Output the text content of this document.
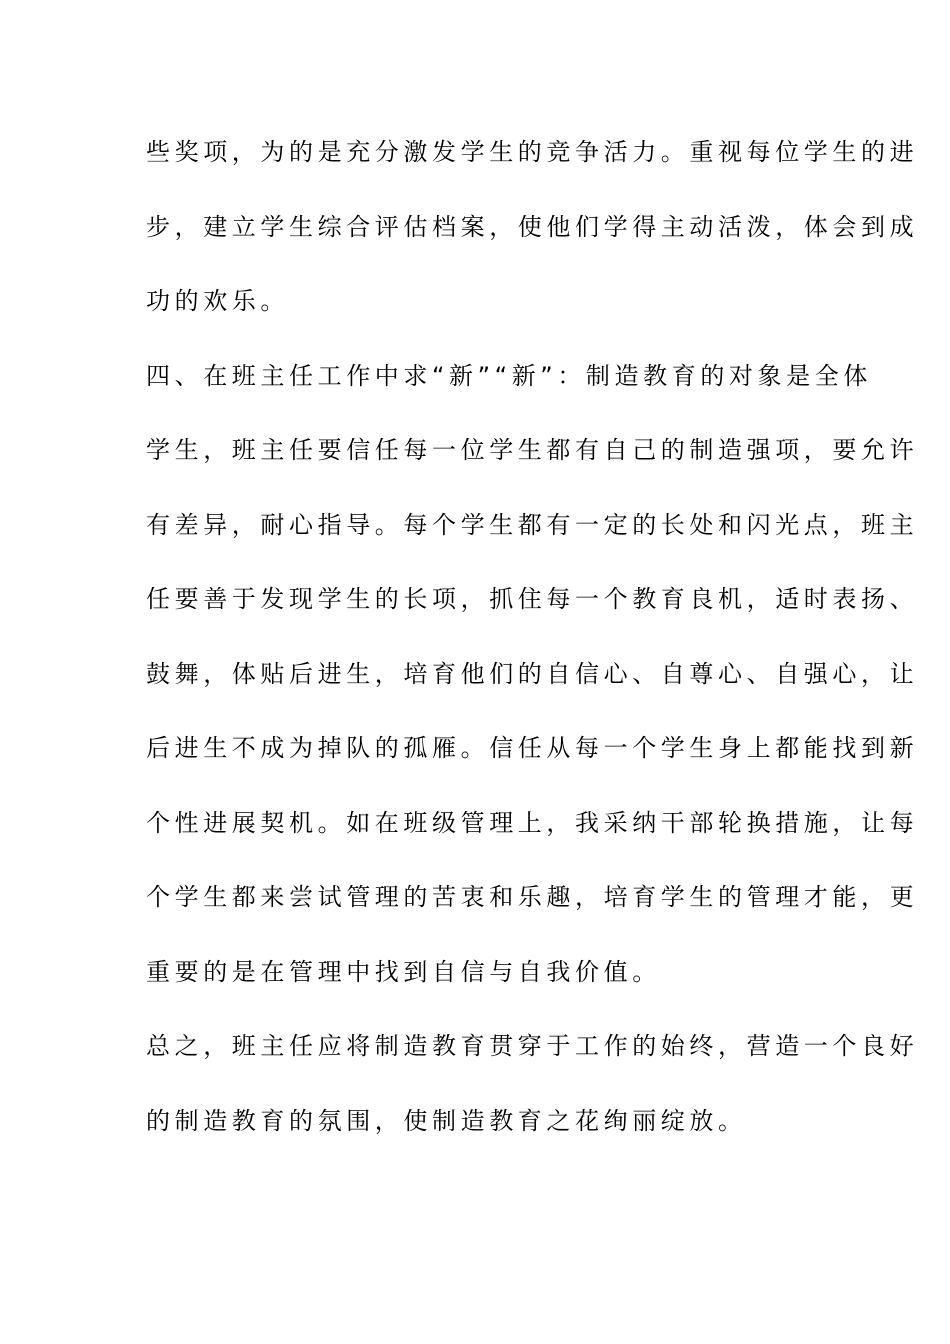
些奖项，为的是充分激发学生的竞争活力。重视每位学生的进
步，建立学生综合评估档案，使他们学得主动活泼，体会到成
功的欢乐。
四、在班主任工作中求“新”“新”：制造教育的对象是全体
学生，班主任要信任每一位学生都有自己的制造强项，要允许
有差异，耐心指导。每个学生都有一定的长处和闪光点，班主
任要善于发现学生的长项，抓住每一个教育良机，适时表扬、
鼓舞，体贴后进生，培育他们的自信心、自尊心、自强心，让
后进生不成为掉队的孤雁。信任从每一个学生身上都能找到新
个性进展契机。如在班级管理上，我采纳干部轮换措施，让每
个学生都来尝试管理的苦衷和乐趣，培育学生的管理才能，更
重要的是在管理中找到自信与自我价值。
总之，班主任应将制造教育贯穿于工作的始终，营造一个良好
的制造教育的氛围，使制造教育之花绚丽绽放。
